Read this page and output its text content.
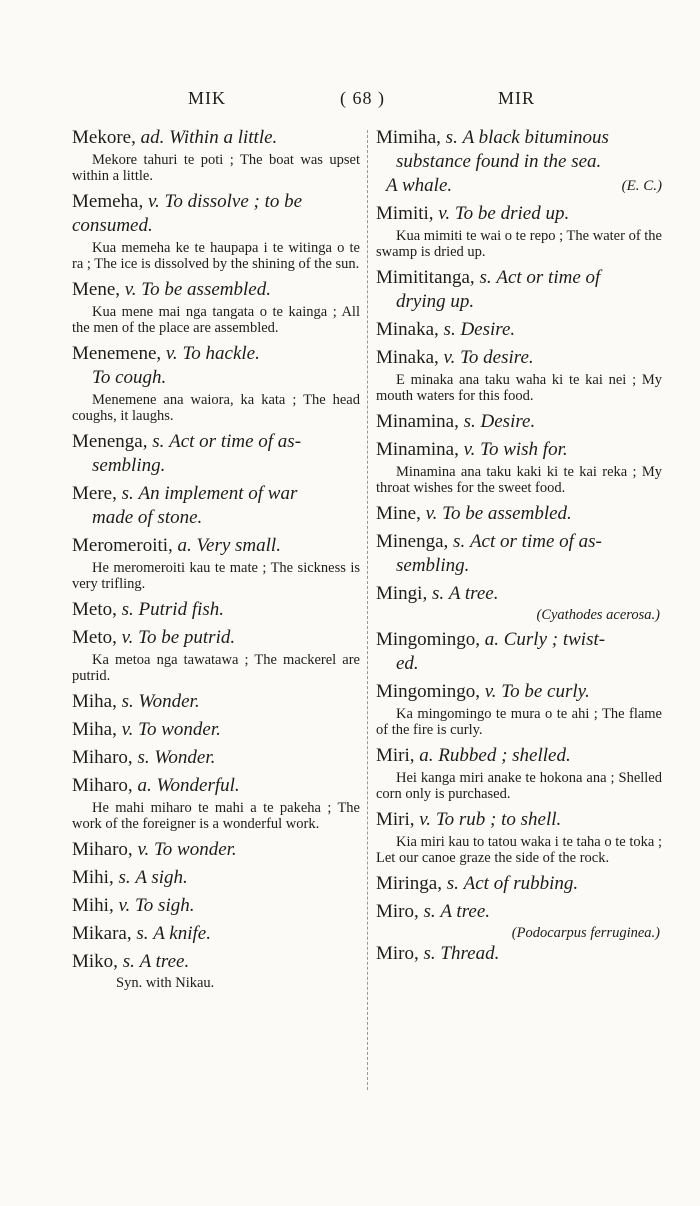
MIK	( 68 )	MIR

Mekore, ad. Within a little.

Mekore tahuri te poti ; The boat was upset within a little.

Memeha, v. To dissolve ; to be
consumed.

Kua memeha ke te haupapa i te witinga o te ra ; The ice is dissolved by the shining of the sun.

Mene, v. To be assembled.

Kua mene mai nga tangata o te kainga ; All the men of the place are assembled.

Menemene, v. To hackle.
To cough.

Menemene ana waiora, ka kata ; The head coughs, it laughs.

Menenga, s. Act or time of as-
sembling.

Mere, s. An implement of war
made of stone.

Meromeroiti, a. Very small.

He meromeroiti kau te mate ; The sickness is very trifling.

Meto, s. Putrid fish.

Meto, v. To be putrid.

Ka metoa nga tawatawa ; The mackerel are putrid.

Miha, s. Wonder.

Miha, v. To wonder.

Miharo, s. Wonder.

Miharo, a. Wonderful.

He mahi miharo te mahi a te pakeha ; The work of the foreigner is a wonderful work.

Miharo, v. To wonder.

Mihi, s. A sigh.

Mihi, v. To sigh.

Mikara, s. A knife.

Miko, s. A tree.

Syn. with Nikau.

Mimiha, s. A black bituminous
substance found in the sea.

A whale.	(E. C.)

Mimiti, v. To be dried up.

Kua mimiti te wai o te repo ; The water of the swamp is dried up.

Mimititanga, s. Act or time of
drying up.

Minaka, s. Desire.

Minaka, v. To desire.

E minaka ana taku waha ki te kai nei ; My mouth waters for this food.

Minamina, s. Desire.

Minamina, v. To wish for.

Minamina ana taku kaki ki te kai reka ; My throat wishes for the sweet food.

Mine, v. To be assembled.

Minenga, s. Act or time of as-
sembling.

Mingi, s. A tree.

(Cyathodes acerosa.)

Mingomingo, a. Curly ; twist-
ed.

Mingomingo, v. To be curly.

Ka mingomingo te mura o te ahi ; The flame of the fire is curly.

Miri, a. Rubbed ; shelled.

Hei kanga miri anake te hokona ana ; Shelled corn only is purchased.

Miri, v. To rub ; to shell.

Kia miri kau to tatou waka i te taha o te toka ; Let our canoe graze the side of the rock.

Miringa, s. Act of rubbing.

Miro, s. A tree.

(Podocarpus ferruginea.)

Miro, s. Thread.
